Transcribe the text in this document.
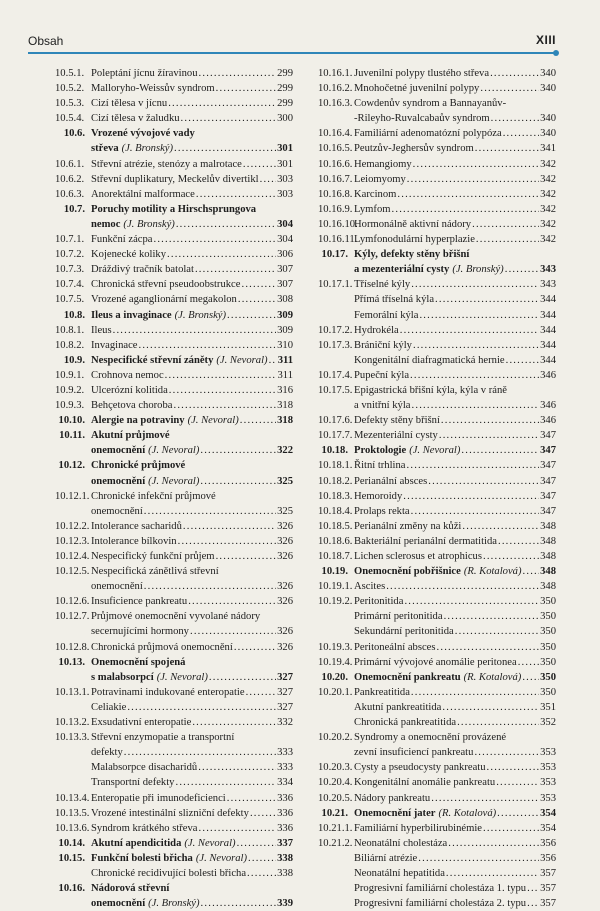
Obsah	XIII
10.5.1. Poleptání jícnu žíravinou .....	299
10.5.2. Malloryho-Weissův syndrom .....	299
10.5.3. Cizí tělesa v jícnu .....	299
10.5.4. Cizí tělesa v žaludku .....	300
10.6. Vrozené vývojové vady
střeva (J. Bronský) .....	301
10.6.1. Střevní atrézie, stenózy a malrotace .....	301
10.6.2. Střevní duplikatury, Meckelův divertikl ..... 303
10.6.3. Anorektální malformace .....	303
10.7. Poruchy motility a Hirschsprungova
nemoc (J. Bronský) .....	304
10.7.1. Funkční zácpa .....	304
10.7.2. Kojenecké koliky .....	306
10.7.3. Dráždivý tračník batolat .....	307
10.7.4. Chronická střevní pseudoobstrukce .....	307
10.7.5. Vrozené aganglionární megakolon .....	308
10.8. Ileus a invaginace (J. Bronský) .....	309
10.8.1. Ileus .....	309
10.8.2. Invaginace .....	310
10.9. Nespecifické střevní záněty (J. Nevoral) ..... 311
10.9.1. Crohnova nemoc .....	311
10.9.2. Ulcerózní kolitida .....	316
10.9.3. Behçetova choroba .....	318
10.10. Alergie na potraviny (J. Nevoral) .....	318
10.11. Akutní průjmové
onemocnění (J. Nevoral) .....	322
10.12. Chronické průjmové
onemocnění (J. Nevoral) .....	325
10.12.1. Chronické infekční průjmové
onemocnění .....	325
10.12.2. Intolerance sacharidů .....	326
10.12.3. Intolerance bílkovin .....	326
10.12.4. Nespecifický funkční průjem .....	326
10.12.5. Nespecifická zánětlivá střevní
onemocnění .....	326
10.12.6. Insuficience pankreatu .....	326
10.12.7. Průjmové onemocnění vyvolané nádory
secernujícími hormony .....	326
10.12.8. Chronická průjmová onemocnění .....	326
10.13. Onemocnění spojená
s malabsorpcí (J. Nevoral) .....	327
10.13.1. Potravinami indukované enteropatie .....	327
Celiakie .....	327
10.13.2. Exsudativní enteropatie .....	332
10.13.3. Střevní enzymopatie a transportní
defekty .....	333
Malabsorpce disacharidů .....	333
Transportní defekty .....	334
10.13.4. Enteropatie při imunodeficienci .....	336
10.13.5. Vrozené intestinální slizniční defekty .....	336
10.13.6. Syndrom krátkého střeva .....	336
10.14. Akutní apendicitida (J. Nevoral) .....	337
10.15. Funkční bolesti břicha (J. Nevoral) .....	338
Chronické recidivující bolesti břicha .....	338
10.16. Nádorová střevní
onemocnění (J. Bronský) .....	339
10.16.1. Juvenilní polypy tlustého střeva .....	340
10.16.2. Mnohočetné juvenilní polypy .....	340
10.16.3. Cowdenův syndrom a Bannayanův-
-Rileyho-Ruvalcabaův syndrom .....	340
10.16.4. Familiární adenomatózní polypóza .....	340
10.16.5. Peutzův-Jeghersův syndrom .....	341
10.16.6. Hemangiomy .....	342
10.16.7. Leiomyomy .....	342
10.16.8. Karcinom .....	342
10.16.9. Lymfom .....	342
10.16.10.
Hormonálně aktivní nádory .....	342
10.16.11.
Lymfonodulární hyperplazie .....	342
10.17. Kýly, defekty stěny břišní
a mezenteriální cysty (J. Bronský) .....	343
10.17.1. Tříselné kýly .....	343
Přímá tříselná kýla .....	344
Femorální kýla .....	344
10.17.2. Hydrokéla .....	344
10.17.3. Brániční kýly .....	344
Kongenitální diafragmatická hernie .....	344
10.17.4. Pupeční kýla .....	346
10.17.5. Epigastrická břišní kýla, kýla v ráně
a vnitřní kýla .....	346
10.17.6. Defekty stěny břišní .....	346
10.17.7. Mezenteriální cysty .....	347
10.18. Proktologie (J. Nevoral) .....	347
10.18.1. Řitní trhlina .....	347
10.18.2. Perianální absces .....	347
10.18.3. Hemoroidy .....	347
10.18.4. Prolaps rekta .....	347
10.18.5. Perianální změny na kůži .....	348
10.18.6. Bakteriální perianální dermatitida .....	348
10.18.7. Lichen sclerosus et atrophicus .....	348
10.19. Onemocnění pobřišnice (R. Kotalová) ..... 348
10.19.1. Ascites .....	348
10.19.2. Peritonitida .....	350
Primární peritonitida .....	350
Sekundární peritonitida .....	350
10.19.3. Peritoneální absces .....	350
10.19.4. Primární vývojové anomálie peritonea ..... 350
10.20. Onemocnění pankreatu (R. Kotalová) ..... 350
10.20.1. Pankreatitida .....	350
Akutní pankreatitida .....	351
Chronická pankreatitida .....	352
10.20.2. Syndromy a onemocnění provázené
zevní insuficiencí pankreatu .....	353
10.20.3. Cysty a pseudocysty pankreatu .....	353
10.20.4. Kongenitální anomálie pankreatu .....	353
10.20.5. Nádory pankreatu .....	353
10.21. Onemocnění jater (R. Kotalová) .....	354
10.21.1. Familiární hyperbilirubinémie .....	354
10.21.2. Neonatální cholestáza .....	356
Biliární atrézie .....	356
Neonatální hepatitida .....	357
Progresivní familiární cholestáza 1. typu ..... 357
Progresivní familiární cholestáza 2. typu ..... 357
